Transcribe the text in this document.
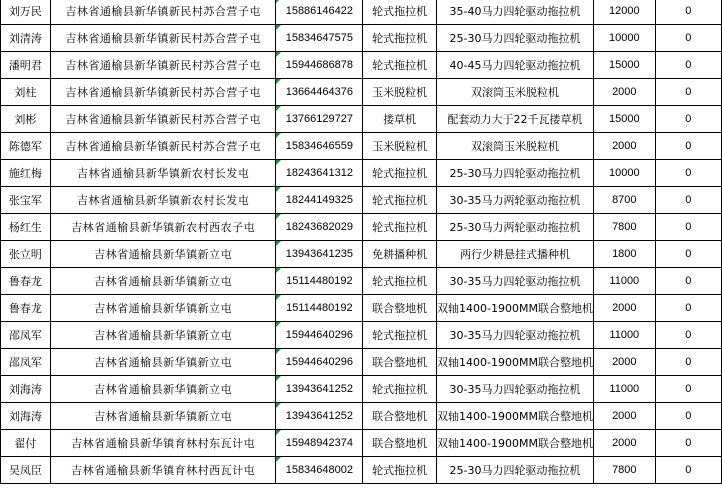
刘万民	吉林省通榆县新华镇新民村苏合营子屯	15886146422	轮式拖拉机	35-40马力四轮驱动拖拉机	12000	0
刘清涛	吉林省通榆县新华镇新民村苏合营子屯	15834647575	轮式拖拉机	25-30马力四轮驱动拖拉机	10000	0
潘明君	吉林省通榆县新华镇新民村苏合营子屯	15944686878	轮式拖拉机	40-45马力四轮驱动拖拉机	15000	0
刘柱	吉林省通榆县新华镇新民村苏合营子屯	13664464376	玉米脱粒机	双滚筒玉米脱粒机	2000	0
刘彬	吉林省通榆县新华镇新民村苏合营子屯	13766129727	搂草机	配套动力大于22千瓦搂草机	15000	0
陈德军	吉林省通榆县新华镇新民村苏合营子屯	15834646559	玉米脱粒机	双滚筒玉米脱粒机	2000	0
施红梅	吉林省通榆县新华镇新农村长发屯	18243641312	轮式拖拉机	25-30马力四轮驱动拖拉机	10000	0
张宝军	吉林省通榆县新华镇新农村长发屯	18244149325	轮式拖拉机	30-35马力两轮驱动拖拉机	8700	0
杨红生	吉林省通榆县新华镇新农村西农子屯	18243682029	轮式拖拉机	25-30马力两轮驱动拖拉机	7800	0
张立明	吉林省通榆县新华镇新立屯	13943641235	免耕播种机	两行少耕悬挂式播种机	1800	0
鲁春龙	吉林省通榆县新华镇新立屯	15114480192	轮式拖拉机	30-35马力四轮驱动拖拉机	11000	0
鲁春龙	吉林省通榆县新华镇新立屯	15114480192	联合整地机	双轴1400-1900MM联合整地机	2000	0
邵凤军	吉林省通榆县新华镇新立屯	15944640296	轮式拖拉机	30-35马力四轮驱动拖拉机	11000	0
邵凤军	吉林省通榆县新华镇新立屯	15944640296	联合整地机	双轴1400-1900MM联合整地机	2000	0
刘海涛	吉林省通榆县新华镇新立屯	13943641252	轮式拖拉机	30-35马力四轮驱动拖拉机	11000	0
刘海涛	吉林省通榆县新华镇新立屯	13943641252	联合整地机	双轴1400-1900MM联合整地机	2000	0
翟付	吉林省通榆县新华镇育林村东瓦计屯	15948942374	联合整地机	双轴1400-1900MM联合整地机	2000	0
吴凤臣	吉林省通榆县新华镇育林村西瓦计屯	15834648002	轮式拖拉机	25-30马力四轮驱动拖拉机	7800	0
